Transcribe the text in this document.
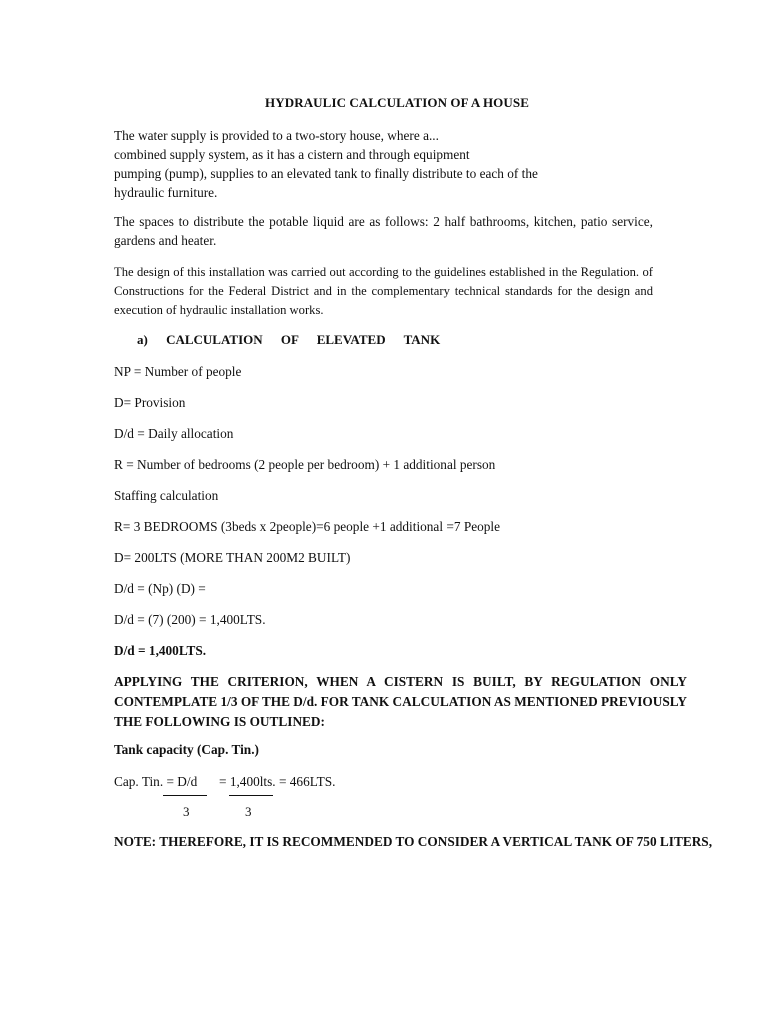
HYDRAULIC CALCULATION OF A HOUSE
The water supply is provided to a two-story house, where a...
combined supply system, as it has a cistern and through equipment
pumping (pump), supplies to an elevated tank to finally distribute to each of the
hydraulic furniture.
The spaces to distribute the potable liquid are as follows: 2 half bathrooms, kitchen, patio service, gardens and heater.
The design of this installation was carried out according to the guidelines established in the Regulation. of Constructions for the Federal District and in the complementary technical standards for the design and execution of hydraulic installation works.
a) CALCULATION OF ELEVATED TANK
NP = Number of people
D= Provision
D/d = Daily allocation
R = Number of bedrooms (2 people per bedroom) + 1 additional person
Staffing calculation
R= 3 BEDROOMS (3beds x 2people)=6 people +1 additional =7 People
D= 200LTS (MORE THAN 200M2 BUILT)
D/d = (Np) (D) =
D/d = (7) (200) = 1,400LTS.
D/d = 1,400LTS.
APPLYING THE CRITERION, WHEN A CISTERN IS BUILT, BY REGULATION ONLY CONTEMPLATE 1/3 OF THE D/d. FOR TANK CALCULATION AS MENTIONED PREVIOUSLY THE FOLLOWING IS OUTLINED:
Tank capacity (Cap. Tin.)
Cap. Tin. = D/d = 1,400lts. = 466LTS.
3	3
NOTE: THEREFORE, IT IS RECOMMENDED TO CONSIDER A VERTICAL TANK OF 750 LITERS,
